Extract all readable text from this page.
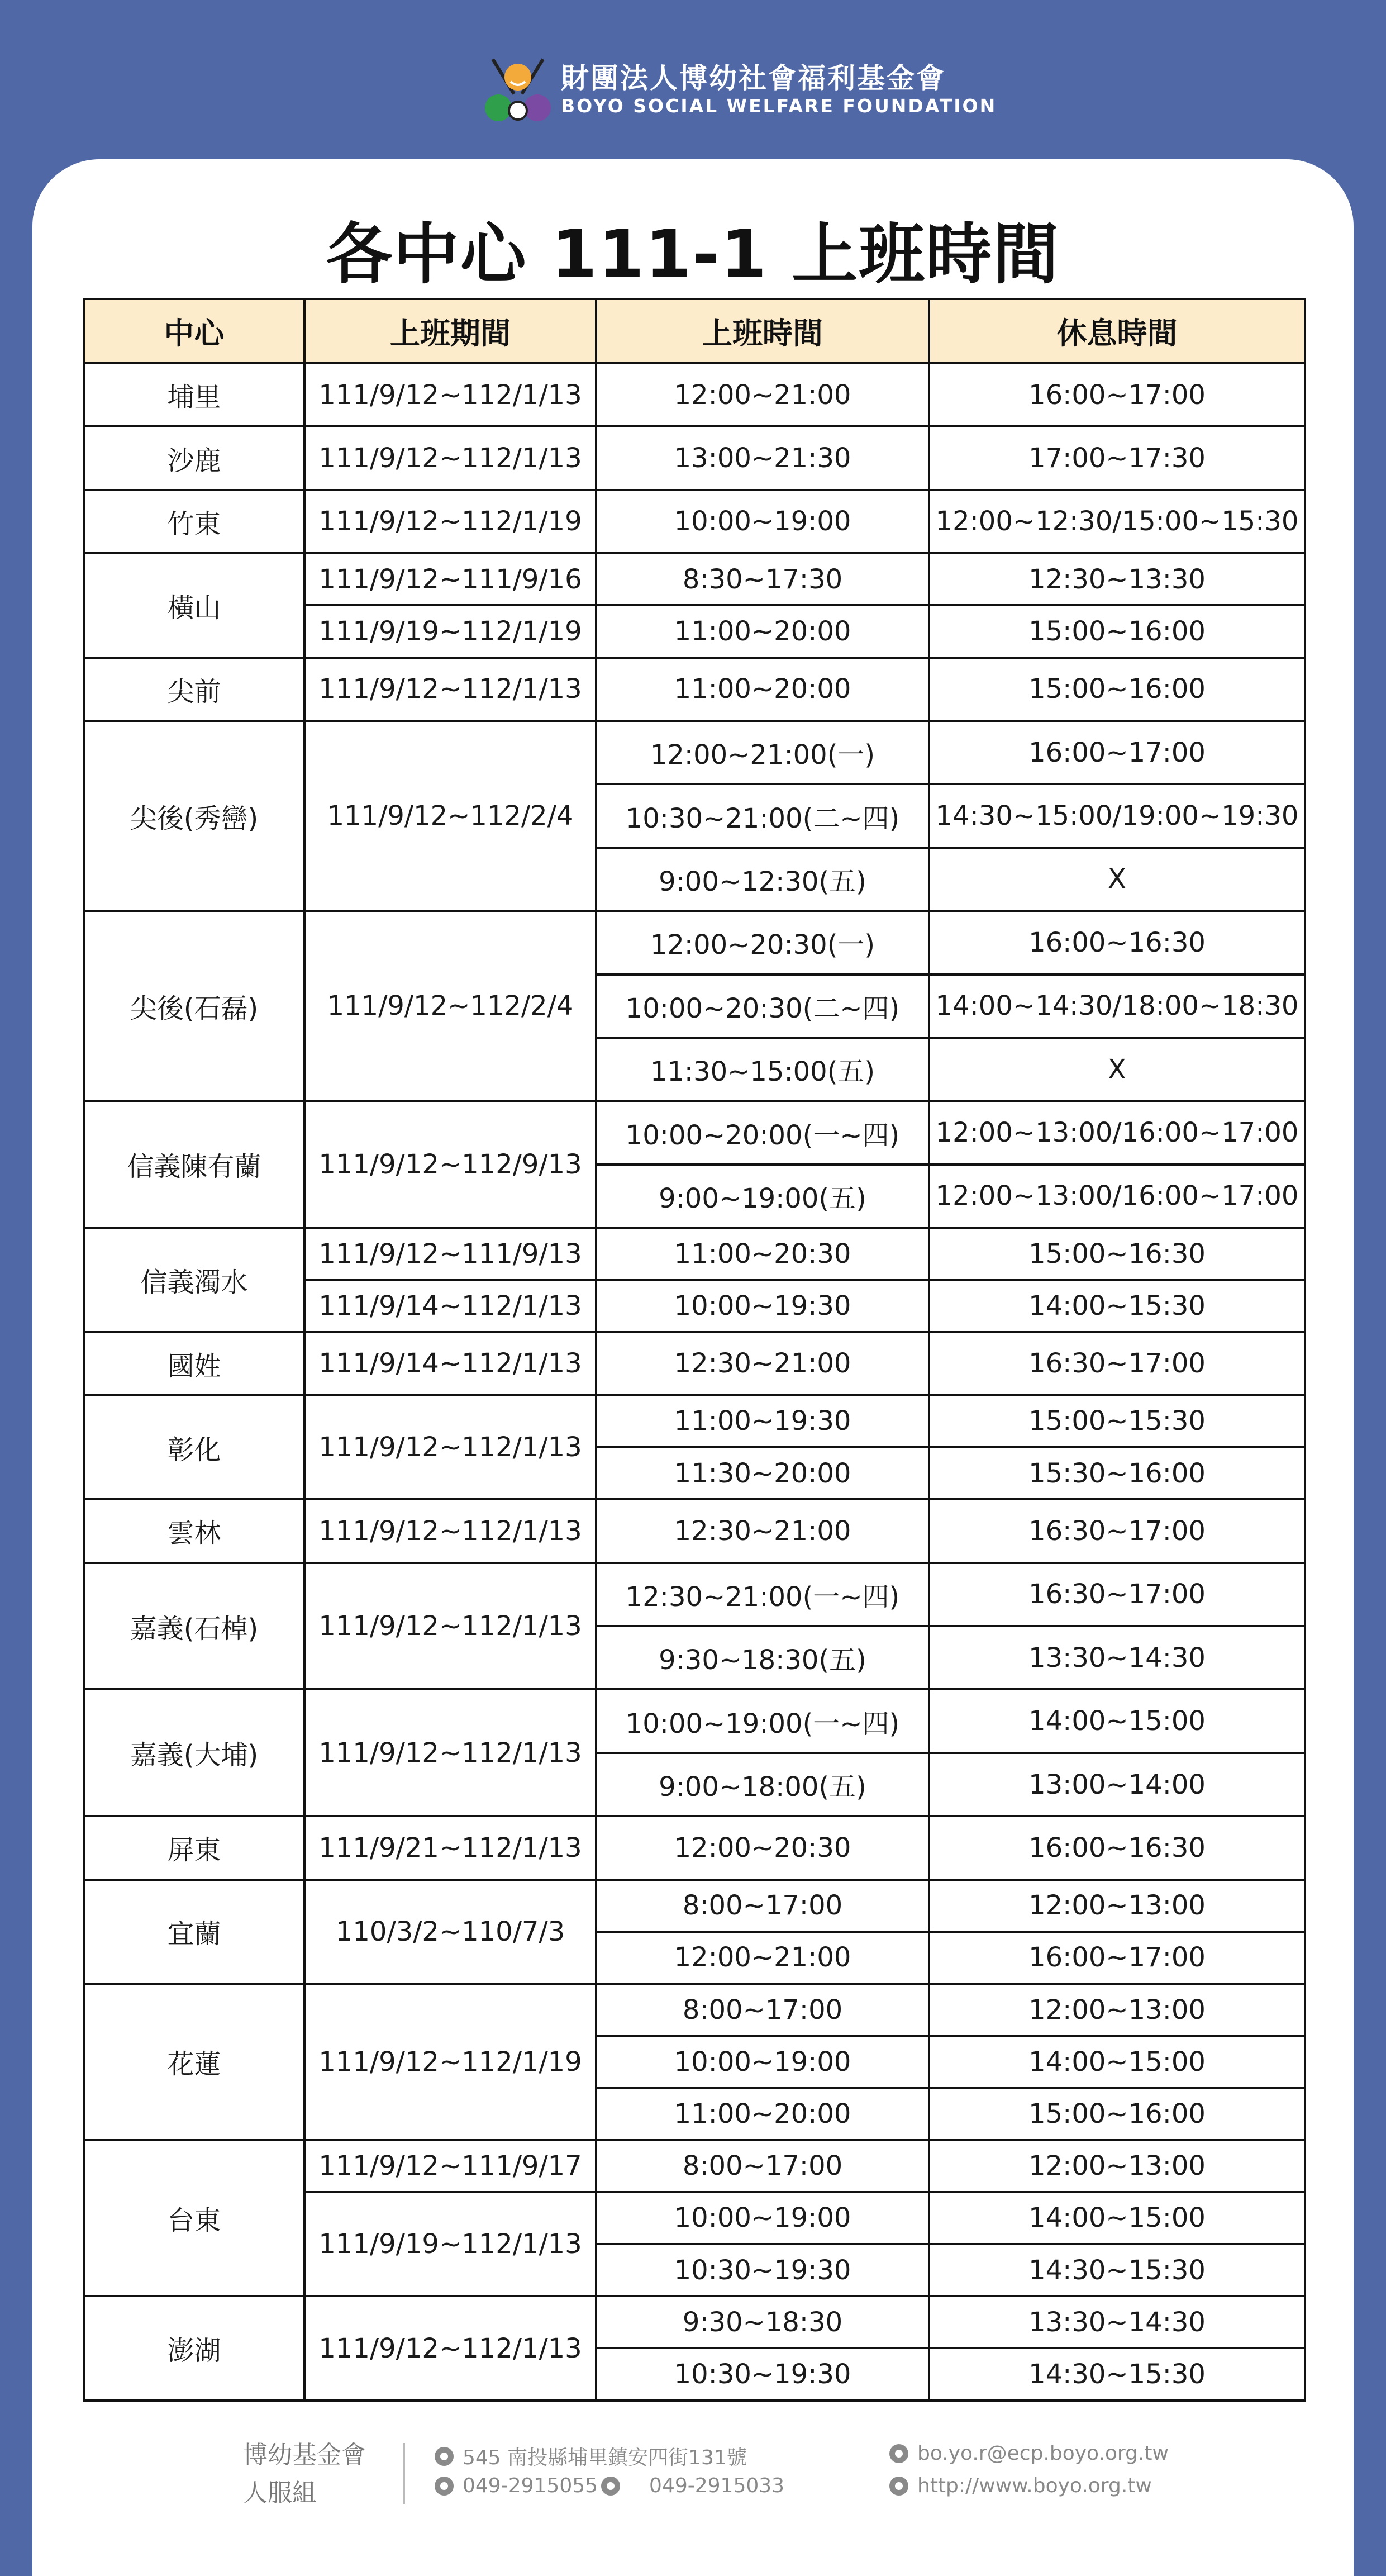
財團法人博幼社會福利基金會
BOYO SOCIAL WELFARE FOUNDATION
各中心 111-1 上班時間
中心	上班期間	上班時間	休息時間
埔里	111/9/12~112/1/13	12:00~21:00	16:00~17:00
沙鹿	111/9/12~112/1/13	13:00~21:30	17:00~17:30
竹東	111/9/12~112/1/19	10:00~19:00	12:00~12:30/15:00~15:30
橫山	111/9/12~111/9/16	8:30~17:30	12:30~13:30
	111/9/19~112/1/19	11:00~20:00	15:00~16:00
尖前	111/9/12~112/1/13	11:00~20:00	15:00~16:00
尖後(秀巒)	111/9/12~112/2/4	12:00~21:00(一)	16:00~17:00
		10:30~21:00(二~四)	14:30~15:00/19:00~19:30
		9:00~12:30(五)	X
尖後(石磊)	111/9/12~112/2/4	12:00~20:30(一)	16:00~16:30
		10:00~20:30(二~四)	14:00~14:30/18:00~18:30
		11:30~15:00(五)	X
信義陳有蘭	111/9/12~112/9/13	10:00~20:00(一~四)	12:00~13:00/16:00~17:00
		9:00~19:00(五)	12:00~13:00/16:00~17:00
信義濁水	111/9/12~111/9/13	11:00~20:30	15:00~16:30
	111/9/14~112/1/13	10:00~19:30	14:00~15:30
國姓	111/9/14~112/1/13	12:30~21:00	16:30~17:00
彰化	111/9/12~112/1/13	11:00~19:30	15:00~15:30
		11:30~20:00	15:30~16:00
雲林	111/9/12~112/1/13	12:30~21:00	16:30~17:00
嘉義(石棹)	111/9/12~112/1/13	12:30~21:00(一~四)	16:30~17:00
		9:30~18:30(五)	13:30~14:30
嘉義(大埔)	111/9/12~112/1/13	10:00~19:00(一~四)	14:00~15:00
		9:00~18:00(五)	13:00~14:00
屏東	111/9/21~112/1/13	12:00~20:30	16:00~16:30
宜蘭	110/3/2~110/7/3	8:00~17:00	12:00~13:00
		12:00~21:00	16:00~17:00
花蓮	111/9/12~112/1/19	8:00~17:00	12:00~13:00
		10:00~19:00	14:00~15:00
		11:00~20:00	15:00~16:00
台東	111/9/12~111/9/17	8:00~17:00	12:00~13:00
	111/9/19~112/1/13	10:00~19:00	14:00~15:00
		10:30~19:30	14:30~15:30
澎湖	111/9/12~112/1/13	9:30~18:30	13:30~14:30
		10:30~19:30	14:30~15:30
博幼基金會
人服組
545 南投縣埔里鎮安四街131號
049-2915055	049-2915033
bo.yo.r@ecp.boyo.org.tw
http://www.boyo.org.tw
